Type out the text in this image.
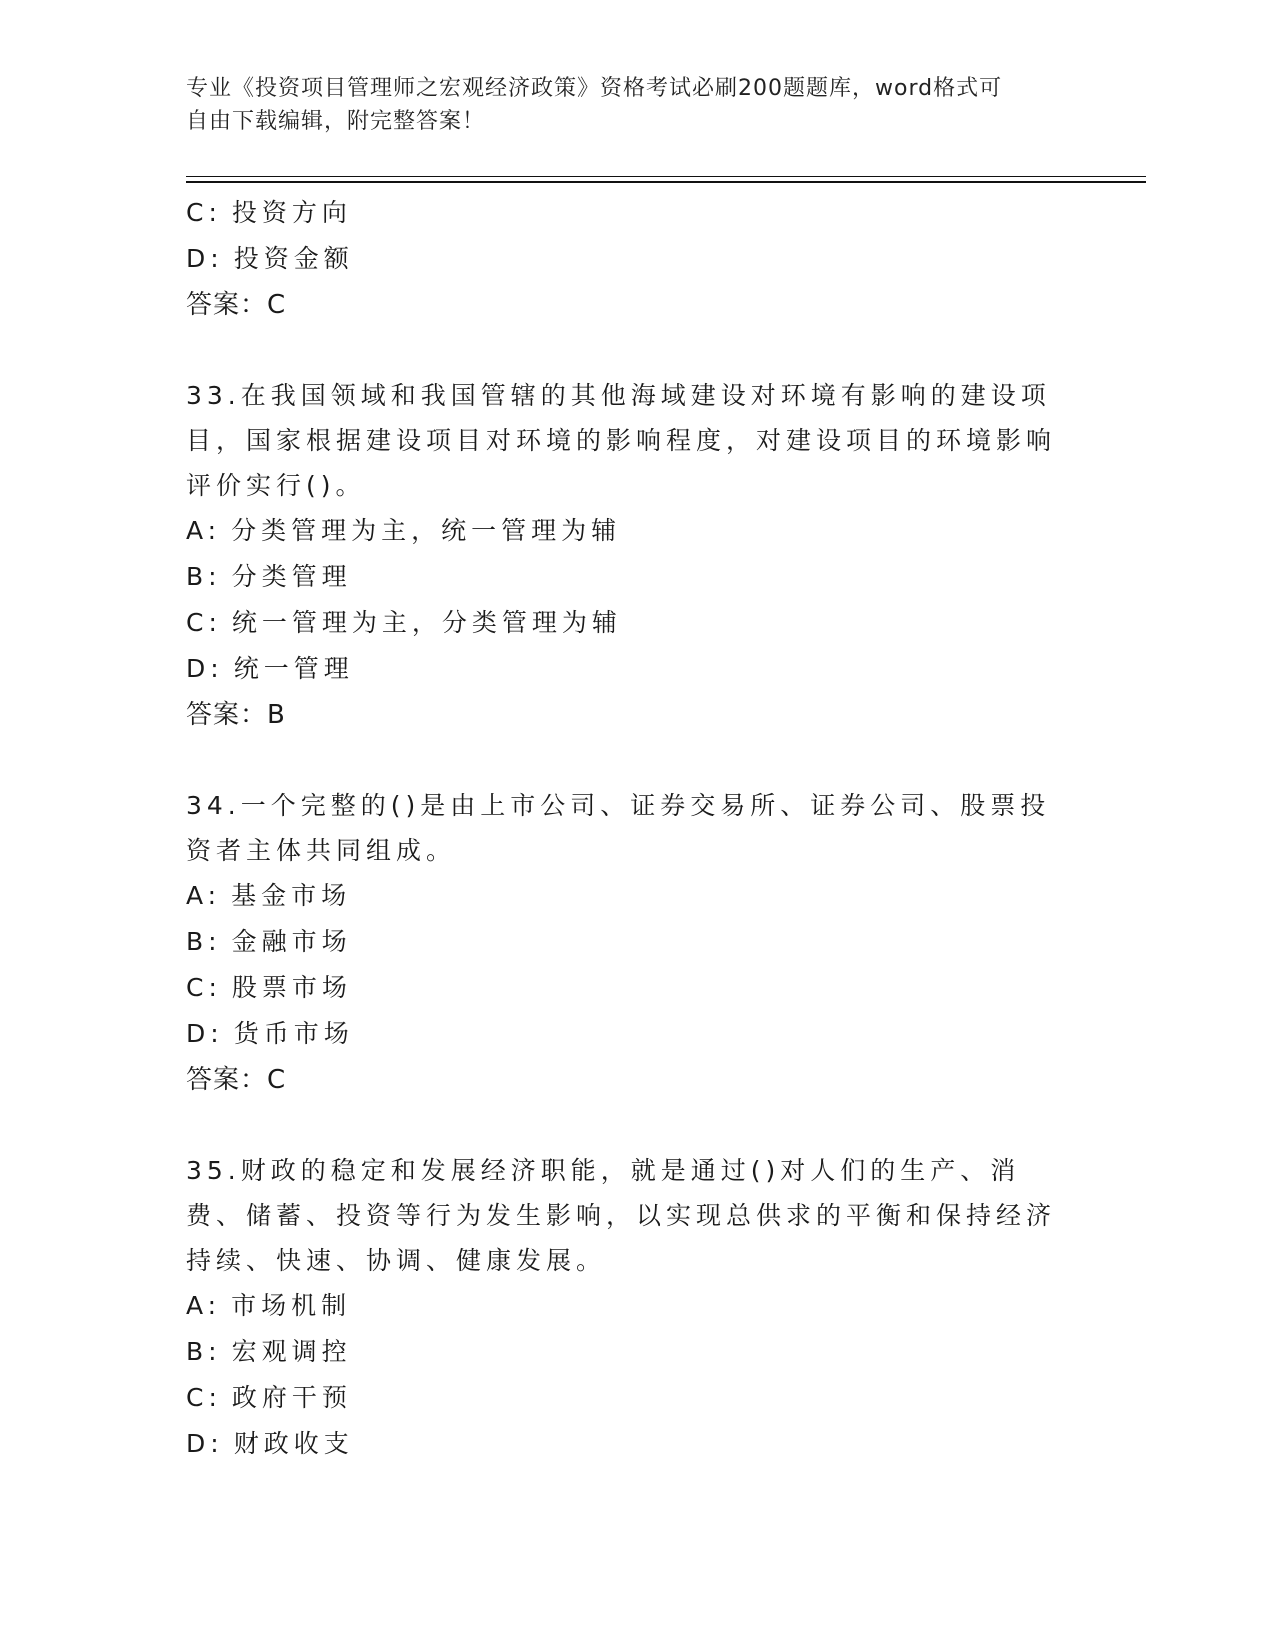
专业《投资项目管理师之宏观经济政策》资格考试必刷200题题库，word格式可
自由下载编辑，附完整答案！
C: 投资方向
D: 投资金额
答案：C
33.在我国领域和我国管辖的其他海域建设对环境有影响的建设项目，国家根据建设项目对环境的影响程度，对建设项目的环境影响评价实行()。
A: 分类管理为主，统一管理为辅
B: 分类管理
C: 统一管理为主，分类管理为辅
D: 统一管理
答案：B
34.一个完整的()是由上市公司、证券交易所、证券公司、股票投资者主体共同组成。
A: 基金市场
B: 金融市场
C: 股票市场
D: 货币市场
答案：C
35.财政的稳定和发展经济职能，就是通过()对人们的生产、消费、储蓄、投资等行为发生影响，以实现总供求的平衡和保持经济持续、快速、协调、健康发展。
A: 市场机制
B: 宏观调控
C: 政府干预
D: 财政收支
